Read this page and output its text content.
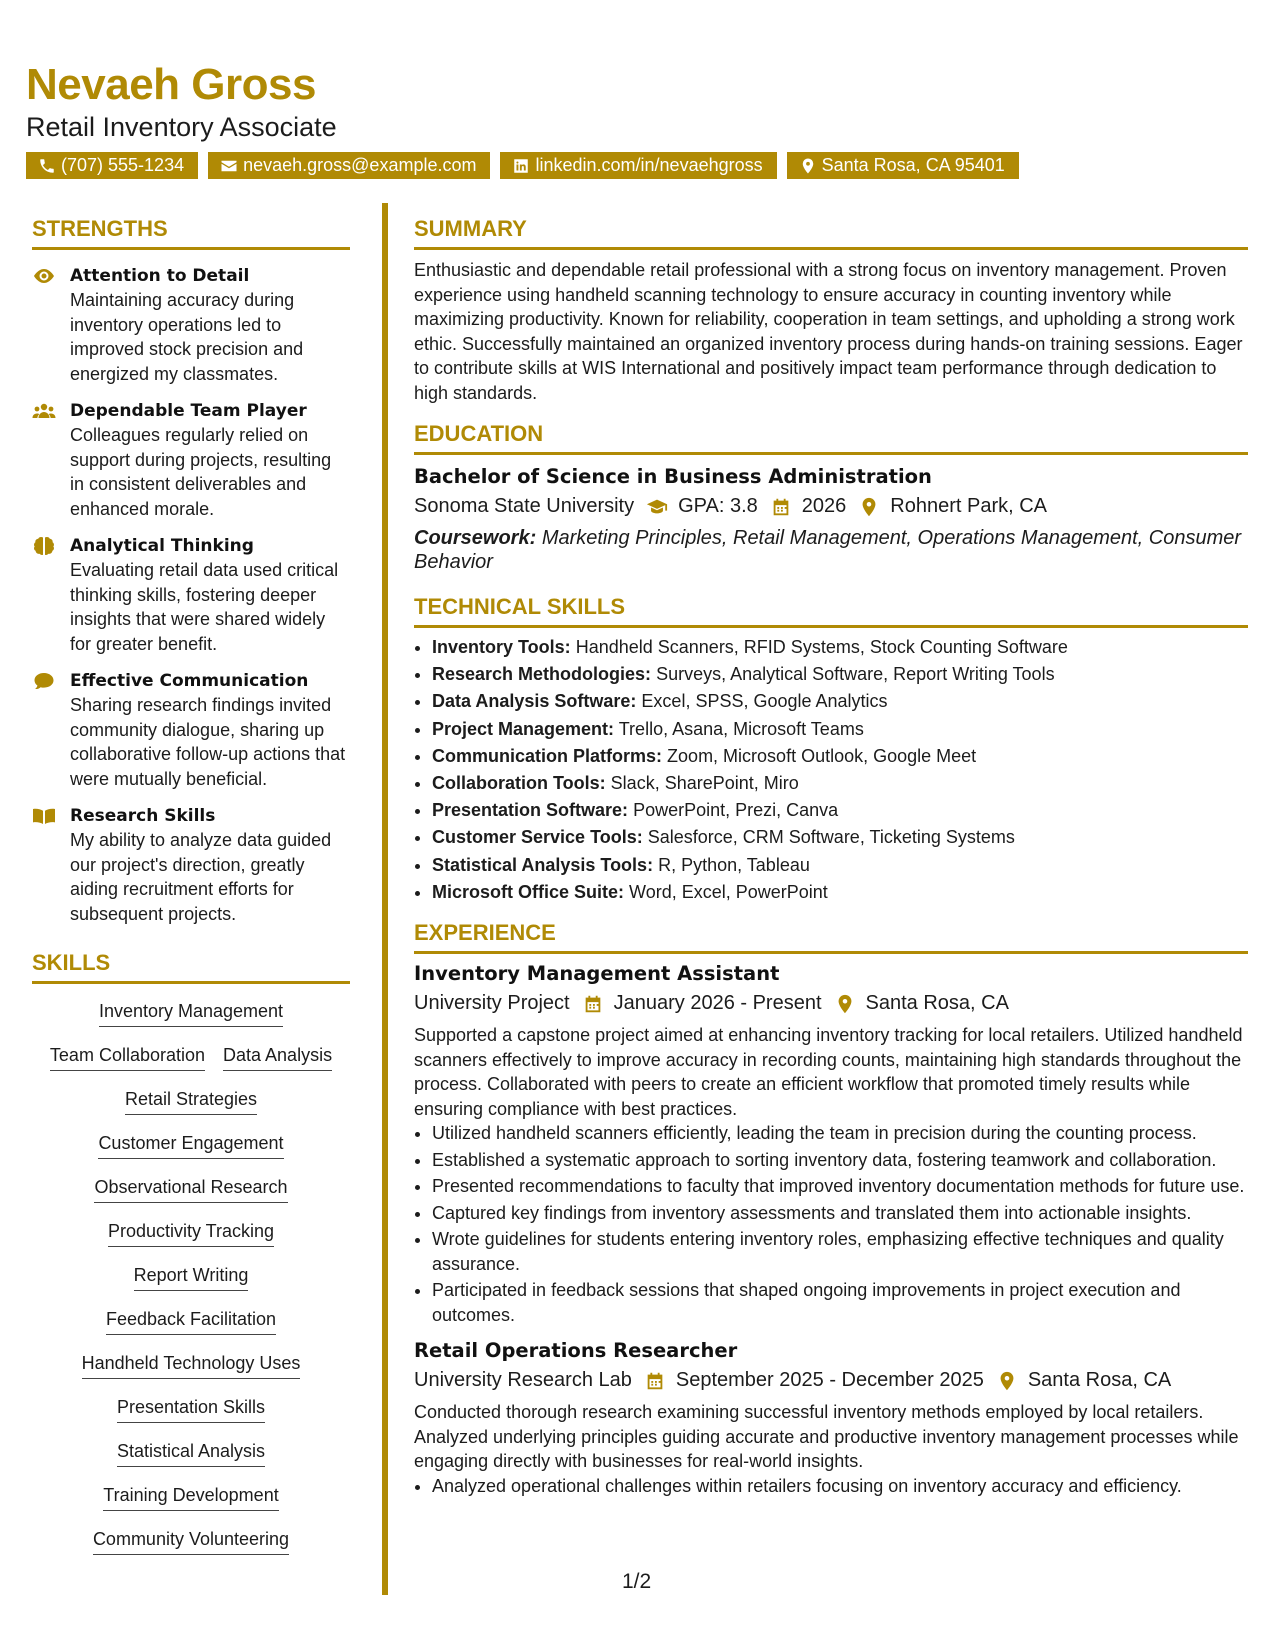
Nevaeh Gross
Retail Inventory Associate
(707) 555-1234	nevaeh.gross@example.com	linkedin.com/in/nevaehgross	Santa Rosa, CA 95401
STRENGTHS
Attention to Detail
Maintaining accuracy during inventory operations led to improved stock precision and energized my classmates.
Dependable Team Player
Colleagues regularly relied on support during projects, resulting in consistent deliverables and enhanced morale.
Analytical Thinking
Evaluating retail data used critical thinking skills, fostering deeper insights that were shared widely for greater benefit.
Effective Communication
Sharing research findings invited community dialogue, sharing up collaborative follow-up actions that were mutually beneficial.
Research Skills
My ability to analyze data guided our project's direction, greatly aiding recruitment efforts for subsequent projects.
SKILLS
Inventory Management
Team Collaboration Data Analysis
Retail Strategies
Customer Engagement
Observational Research
Productivity Tracking
Report Writing
Feedback Facilitation
Handheld Technology Uses
Presentation Skills
Statistical Analysis
Training Development
Community Volunteering
SUMMARY
Enthusiastic and dependable retail professional with a strong focus on inventory management. Proven experience using handheld scanning technology to ensure accuracy in counting inventory while maximizing productivity. Known for reliability, cooperation in team settings, and upholding a strong work ethic. Successfully maintained an organized inventory process during hands-on training sessions. Eager to contribute skills at WIS International and positively impact team performance through dedication to high standards.
EDUCATION
Bachelor of Science in Business Administration
Sonoma State University GPA: 3.8 2026 Rohnert Park, CA
Coursework: Marketing Principles, Retail Management, Operations Management, Consumer Behavior
TECHNICAL SKILLS
• Inventory Tools: Handheld Scanners, RFID Systems, Stock Counting Software
• Research Methodologies: Surveys, Analytical Software, Report Writing Tools
• Data Analysis Software: Excel, SPSS, Google Analytics
• Project Management: Trello, Asana, Microsoft Teams
• Communication Platforms: Zoom, Microsoft Outlook, Google Meet
• Collaboration Tools: Slack, SharePoint, Miro
• Presentation Software: PowerPoint, Prezi, Canva
• Customer Service Tools: Salesforce, CRM Software, Ticketing Systems
• Statistical Analysis Tools: R, Python, Tableau
• Microsoft Office Suite: Word, Excel, PowerPoint
EXPERIENCE
Inventory Management Assistant
University Project January 2026 - Present Santa Rosa, CA
Supported a capstone project aimed at enhancing inventory tracking for local retailers. Utilized handheld scanners effectively to improve accuracy in recording counts, maintaining high standards throughout the process. Collaborated with peers to create an efficient workflow that promoted timely results while ensuring compliance with best practices.
• Utilized handheld scanners efficiently, leading the team in precision during the counting process.
• Established a systematic approach to sorting inventory data, fostering teamwork and collaboration.
• Presented recommendations to faculty that improved inventory documentation methods for future use.
• Captured key findings from inventory assessments and translated them into actionable insights.
• Wrote guidelines for students entering inventory roles, emphasizing effective techniques and quality assurance.
• Participated in feedback sessions that shaped ongoing improvements in project execution and outcomes.
Retail Operations Researcher
University Research Lab September 2025 - December 2025 Santa Rosa, CA
Conducted thorough research examining successful inventory methods employed by local retailers. Analyzed underlying principles guiding accurate and productive inventory management processes while engaging directly with businesses for real-world insights.
• Analyzed operational challenges within retailers focusing on inventory accuracy and efficiency.
1/2
